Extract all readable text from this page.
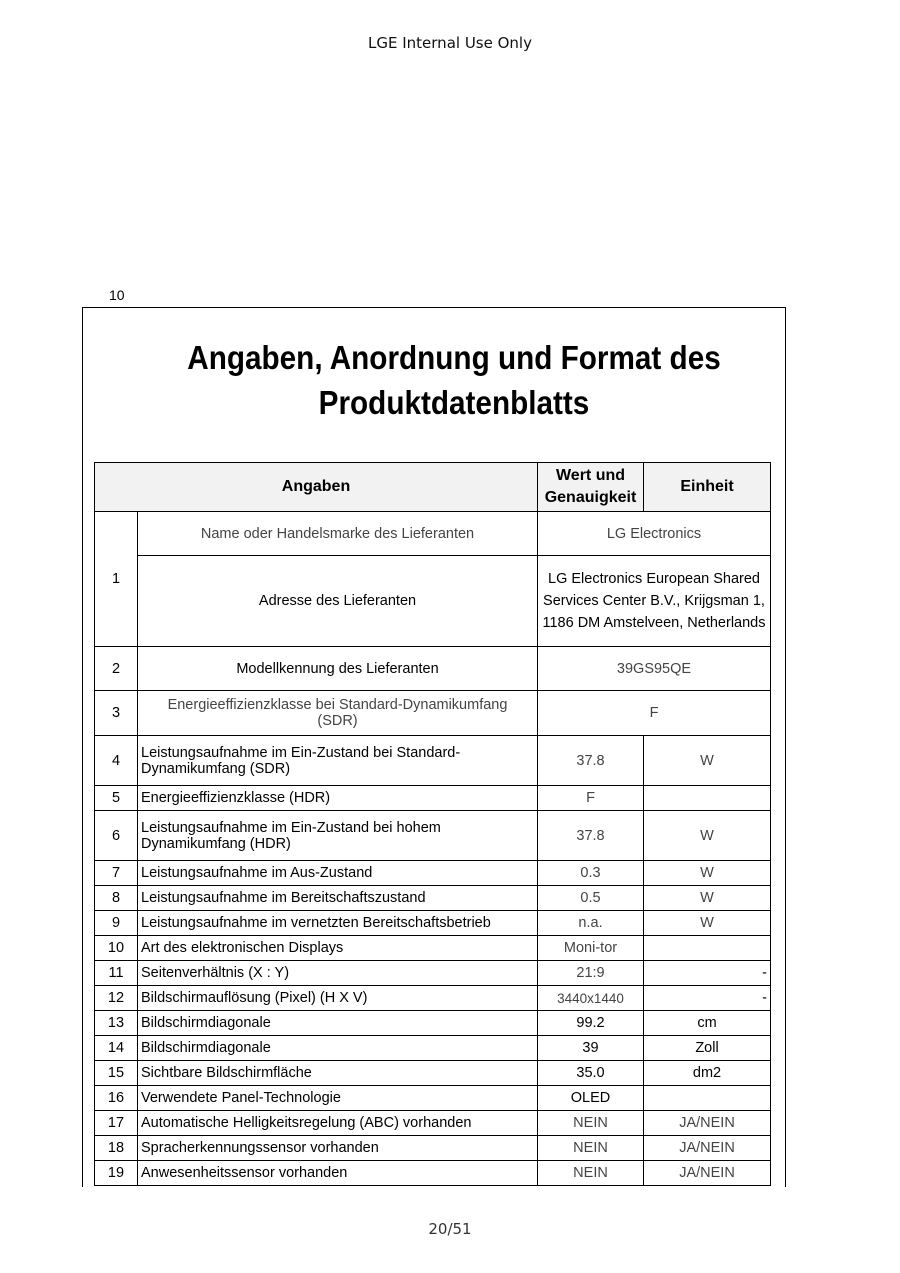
LGE Internal Use Only
10
Angaben, Anordnung und Format des
Produktdatenblatts
Angaben		Wert und
Genauigkeit	Einheit
1	Name oder Handelsmarke des Lieferanten	LG Electronics	
	Adresse des Lieferanten	LG Electronics European Shared
Services Center B.V., Krijgsman 1,
1186 DM Amstelveen, Netherlands	

2	Modellkennung des Lieferanten	39GS95QE	
3	Energieeffizienzklasse bei Standard-Dynamikumfang
(SDR)	F	
4	Leistungsaufnahme im Ein-Zustand bei Standard-Dynamikumfang (SDR)	37.8	W
5	Energieeffizienzklasse (HDR)	F	
6	Leistungsaufnahme im Ein-Zustand bei hohem Dynamikumfang (HDR)	37.8	W
7	Leistungsaufnahme im Aus-Zustand	0.3	W
8	Leistungsaufnahme im Bereitschaftszustand	0.5	W
9	Leistungsaufnahme im vernetzten Bereitschaftsbetrieb	n.a.	W
10	Art des elektronischen Displays	Moni-tor	
11	Seitenverhältnis (X : Y)	21:9	-
12	Bildschirmauflösung (Pixel) (H X V)	3440x1440	-
13	Bildschirmdiagonale	99.2	cm
14	Bildschirmdiagonale	39	Zoll
15	Sichtbare Bildschirmfläche	35.0	dm2
16	Verwendete Panel-Technologie	OLED	
17	Automatische Helligkeitsregelung (ABC) vorhanden	NEIN	JA/NEIN
18	Spracherkennungssensor vorhanden	NEIN	JA/NEIN
19	Anwesenheitssensor vorhanden	NEIN	JA/NEIN
20/51
